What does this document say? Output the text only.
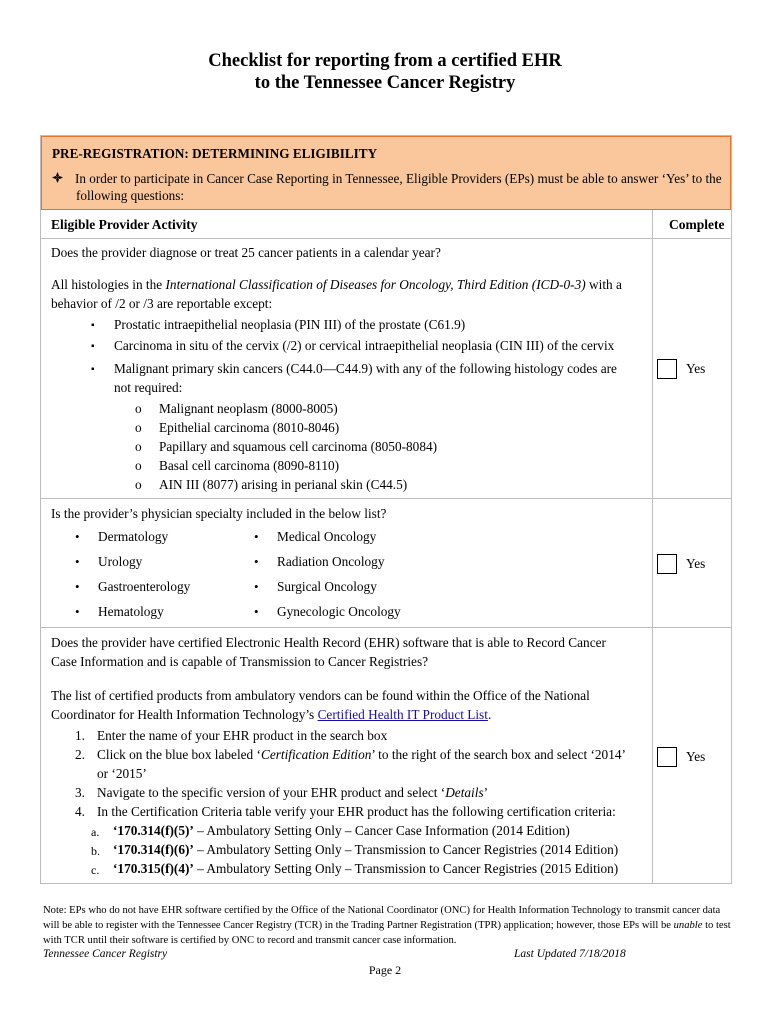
Checklist for reporting from a certified EHR
to the Tennessee Cancer Registry
PRE-REGISTRATION: DETERMINING ELIGIBILITY
In order to participate in Cancer Case Reporting in Tennessee, Eligible Providers (EPs) must be able to answer ‘Yes’ to the following questions:
Eligible Provider Activity	Complete
Does the provider diagnose or treat 25 cancer patients in a calendar year?
All histologies in the International Classification of Diseases for Oncology, Third Edition (ICD-0-3) with a
behavior of /2 or /3 are reportable except:
▪ Prostatic intraepithelial neoplasia (PIN III) of the prostate (C61.9)
▪ Carcinoma in situ of the cervix (/2) or cervical intraepithelial neoplasia (CIN III) of the cervix
▪ Malignant primary skin cancers (C44.0—C44.9) with any of the following histology codes are
not required:
o Malignant neoplasm (8000-8005)
o Epithelial carcinoma (8010-8046)
o Papillary and squamous cell carcinoma (8050-8084)
o Basal cell carcinoma (8090-8110)
o AIN III (8077) arising in perianal skin (C44.5)
Yes
Is the provider’s physician specialty included in the below list?
• Dermatology
• Urology
• Gastroenterology
• Hematology
• Medical Oncology
• Radiation Oncology
• Surgical Oncology
• Gynecologic Oncology
Yes
Does the provider have certified Electronic Health Record (EHR) software that is able to Record Cancer
Case Information and is capable of Transmission to Cancer Registries?
The list of certified products from ambulatory vendors can be found within the Office of the National
Coordinator for Health Information Technology’s Certified Health IT Product List.
1. Enter the name of your EHR product in the search box
2. Click on the blue box labeled ‘Certification Edition’ to the right of the search box and select ‘2014’
or ‘2015’
3. Navigate to the specific version of your EHR product and select ‘Details’
4. In the Certification Criteria table verify your EHR product has the following certification criteria:
a. ‘170.314(f)(5)’ – Ambulatory Setting Only – Cancer Case Information (2014 Edition)
b. ‘170.314(f)(6)’ – Ambulatory Setting Only – Transmission to Cancer Registries (2014 Edition)
c. ‘170.315(f)(4)’ – Ambulatory Setting Only – Transmission to Cancer Registries (2015 Edition)
Yes
Note: EPs who do not have EHR software certified by the Office of the National Coordinator (ONC) for Health Information Technology to transmit cancer data will be able to register with the Tennessee Cancer Registry (TCR) in the Trading Partner Registration (TPR) application; however, those EPs will be unable to test with TCR until their software is certified by ONC to record and transmit cancer case information.
Tennessee Cancer Registry	Last Updated 7/18/2018
Page 2
